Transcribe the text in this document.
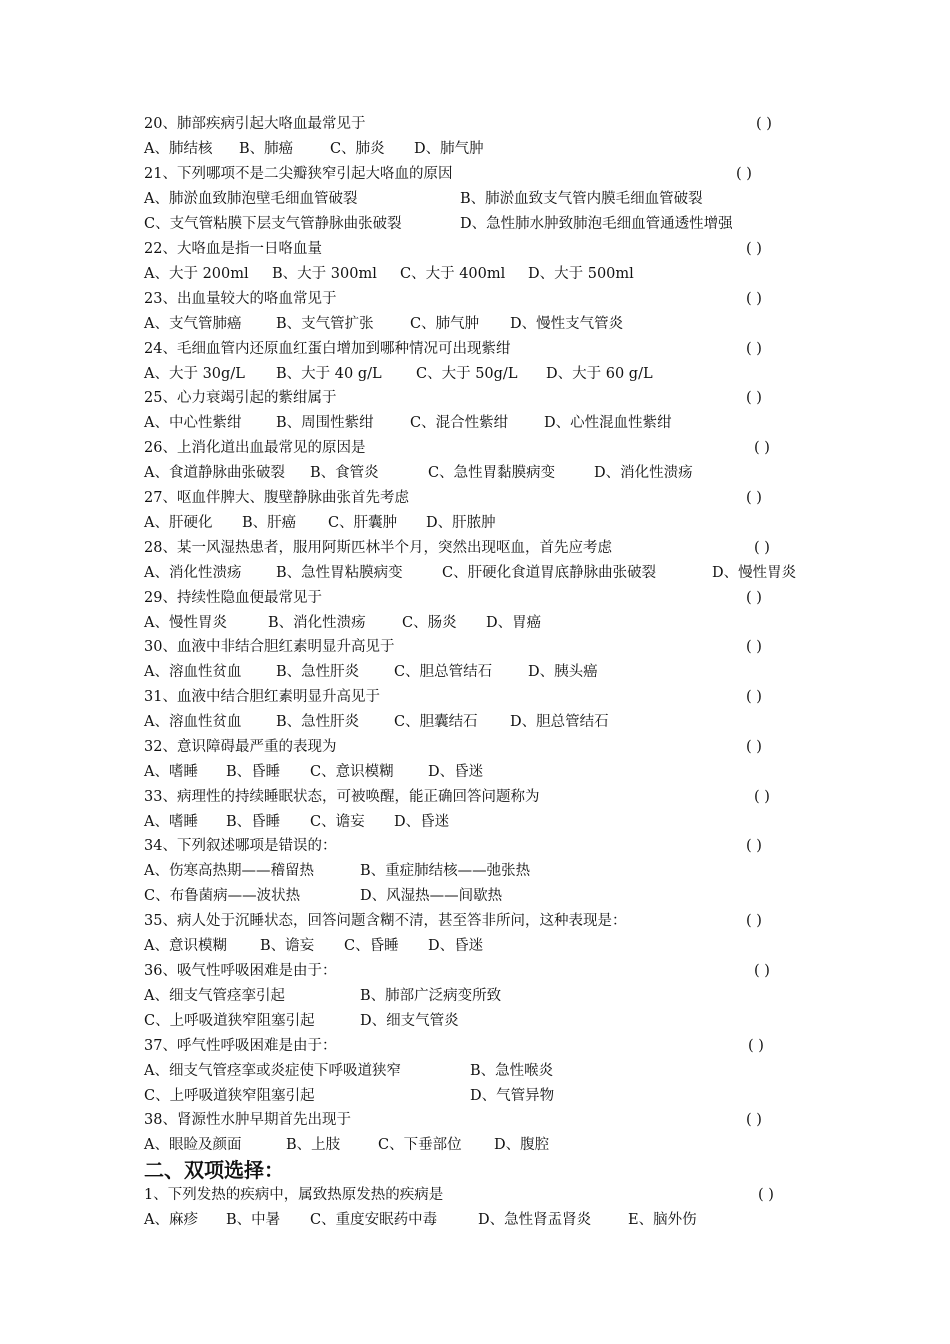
20、肺部疾病引起大咯血最常见于	( )
A、肺结核 B、肺癌	C、肺炎 D、肺气肿
21、下列哪项不是二尖瓣狭窄引起大咯血的原因	( )
A、肺淤血致肺泡壁毛细血管破裂	B、肺淤血致支气管内膜毛细血管破裂
C、支气管粘膜下层支气管静脉曲张破裂	D、急性肺水肿致肺泡毛细血管通透性增强
22、大咯血是指一日咯血量	( )
A、大于 200ml B、大于 300ml C、大于 400ml D、大于 500ml
23、出血量较大的咯血常见于	( )
A、支气管肺癌 B、支气管扩张	C、肺气肿 D、慢性支气管炎
24、毛细血管内还原血红蛋白增加到哪种情况可出现紫绀	( )
A、大于 30g/L B、大于 40 g/L C、大于 50g/L D、大于 60 g/L
25、心力衰竭引起的紫绀属于	( )
A、中心性紫绀 B、周围性紫绀	C、混合性紫绀 D、心性混血性紫绀
26、上消化道出血最常见的原因是	( )
A、食道静脉曲张破裂 B、食管炎	C、急性胃黏膜病变	D、消化性溃疡
27、呕血伴脾大、腹壁静脉曲张首先考虑	( )
A、肝硬化 B、肝癌 C、肝囊肿 D、肝脓肿
28、某一风湿热患者，服用阿斯匹林半个月，突然出现呕血，首先应考虑	( )
A、消化性溃疡 B、急性胃粘膜病变	C、肝硬化食道胃底静脉曲张破裂	D、慢性胃炎
29、持续性隐血便最常见于	( )
A、慢性胃炎	B、消化性溃疡	C、肠炎 D、胃癌
30、血液中非结合胆红素明显升高见于	( )
A、溶血性贫血 B、急性肝炎 C、胆总管结石 D、胰头癌
31、血液中结合胆红素明显升高见于	( )
A、溶血性贫血 B、急性肝炎 C、胆囊结石 D、胆总管结石
32、意识障碍最严重的表现为	( )
A、嗜睡 B、昏睡 C、意识模糊 D、昏迷
33、病理性的持续睡眠状态，可被唤醒，能正确回答问题称为	( )
A、嗜睡 B、昏睡 C、谵妄 D、昏迷
34、下列叙述哪项是错误的：	( )
A、伤寒高热期——稽留热	B、重症肺结核——弛张热
C、布鲁菌病——波状热	D、风湿热——间歇热
35、病人处于沉睡状态，回答问题含糊不清，甚至答非所问，这种表现是：	( )
A、意识模糊 B、谵妄 C、昏睡 D、昏迷
36、吸气性呼吸困难是由于：	( )
A、细支气管痉挛引起	B、肺部广泛病变所致
C、上呼吸道狭窄阻塞引起	D、细支气管炎
37、呼气性呼吸困难是由于：	( )
A、细支气管痉挛或炎症使下呼吸道狭窄	B、急性喉炎
C、上呼吸道狭窄阻塞引起	D、气管异物
38、肾源性水肿早期首先出现于	( )
A、眼睑及颜面	B、上肢	C、下垂部位 D、腹腔
二、双项选择：
1、下列发热的疾病中，属致热原发热的疾病是	( )
A、麻疹 B、中暑 C、重度安眠药中毒	D、急性肾盂肾炎	E、脑外伤
